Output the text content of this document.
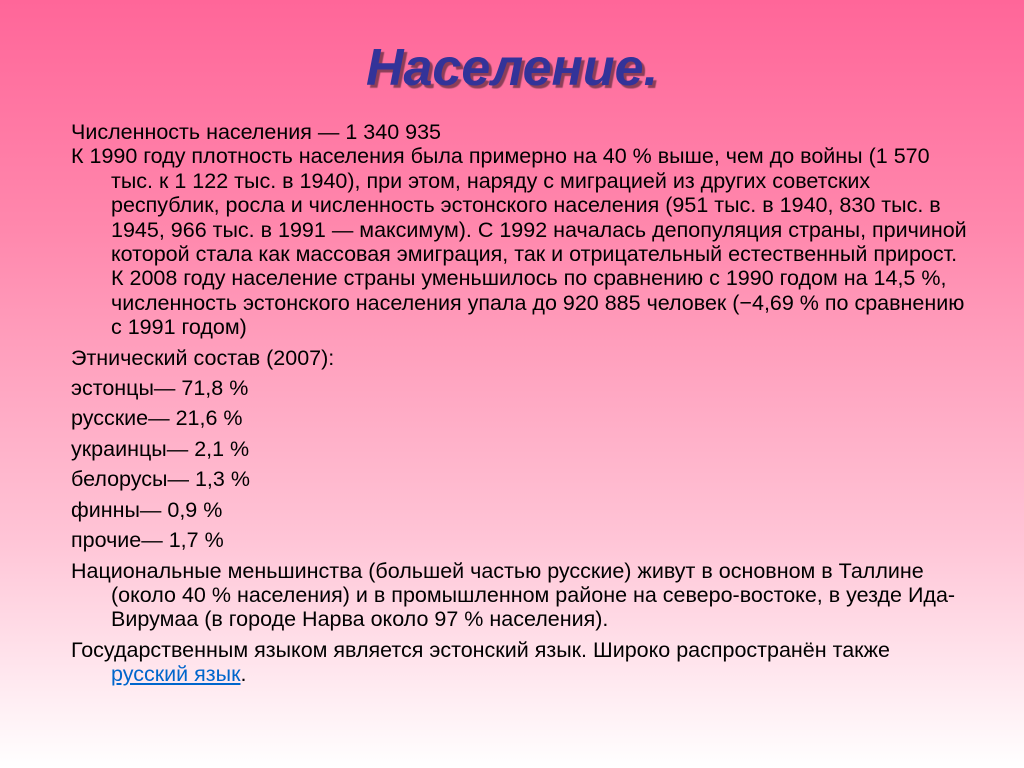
Население.

Численность населения — 1 340 935

К 1990 году плотность населения была примерно на 40 % выше, чем до войны (1 570 тыс. к 1 122 тыс. в 1940), при этом, наряду с миграцией из других советских республик, росла и численность эстонского населения (951 тыс. в 1940, 830 тыс. в 1945, 966 тыс. в 1991 — максимум). С 1992 началась депопуляция страны, причиной которой стала как массовая эмиграция, так и отрицательный естественный прирост. К 2008 году население страны уменьшилось по сравнению с 1990 годом на 14,5 %, численность эстонского населения упала до 920 885 человек (−4,69 % по сравнению с 1991 годом)

Этнический состав (2007):

эстонцы— 71,8 %

русские— 21,6 %

украинцы— 2,1 %

белорусы— 1,3 %

финны— 0,9 %

прочие— 1,7 %

Национальные меньшинства (большей частью русские) живут в основном в Таллине (около 40 % населения) и в промышленном районе на северо-востоке, в уезде Ида-Вирумаа (в городе Нарва около 97 % населения).

Государственным языком является эстонский язык. Широко распространён также русский язык.
